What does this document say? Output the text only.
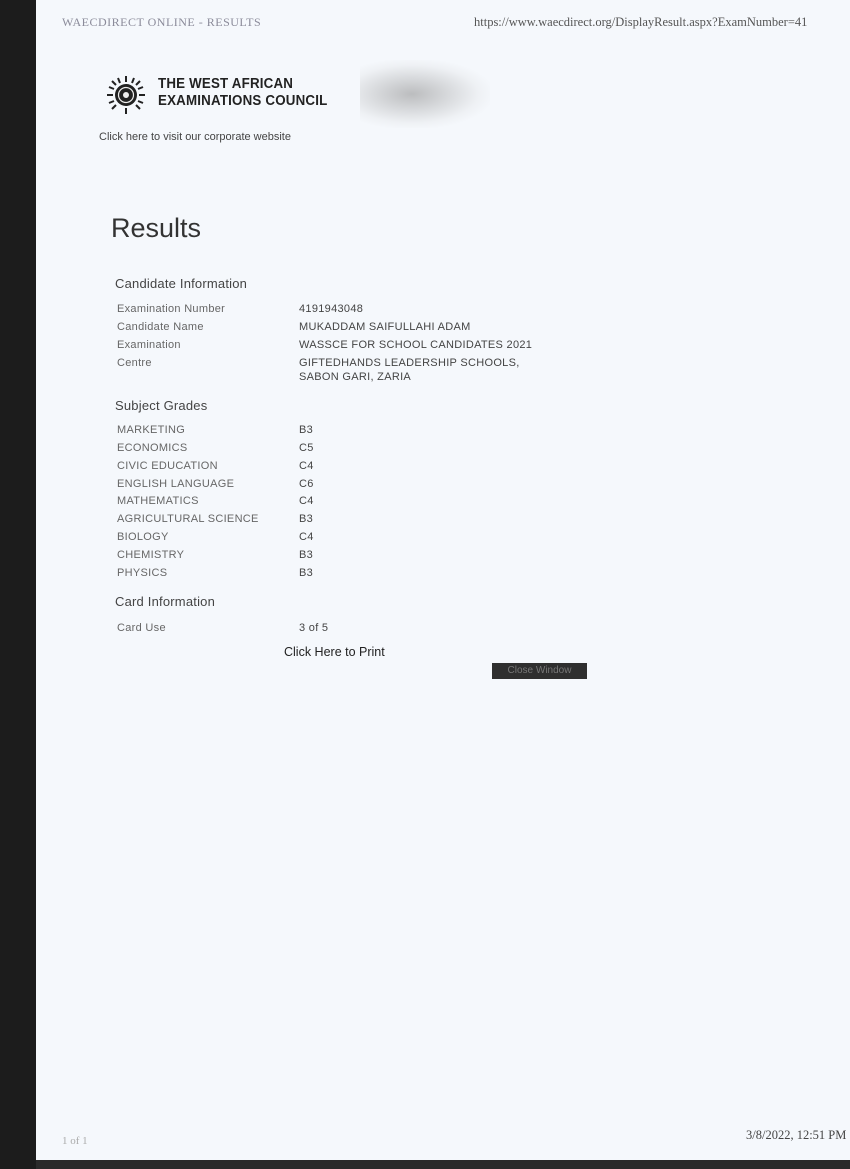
WAECDIRECT ONLINE - RESULTS	https://www.waecdirect.org/DisplayResult.aspx?ExamNumber=41
THE WEST AFRICAN
EXAMINATIONS COUNCIL
Click here to visit our corporate website
Results
Candidate Information
Examination Number	4191943048
Candidate Name	MUKADDAM SAIFULLAHI ADAM
Examination	WASSCE FOR SCHOOL CANDIDATES 2021
Centre	GIFTEDHANDS LEADERSHIP SCHOOLS,
SABON GARI, ZARIA
Subject Grades
MARKETING	B3
ECONOMICS	C5
CIVIC EDUCATION	C4
ENGLISH LANGUAGE	C6
MATHEMATICS	C4
AGRICULTURAL SCIENCE	B3
BIOLOGY	C4
CHEMISTRY	B3
PHYSICS	B3
Card Information
Card Use	3 of 5
Click Here to Print
Close Window
1 of 1	3/8/2022, 12:51 PM
